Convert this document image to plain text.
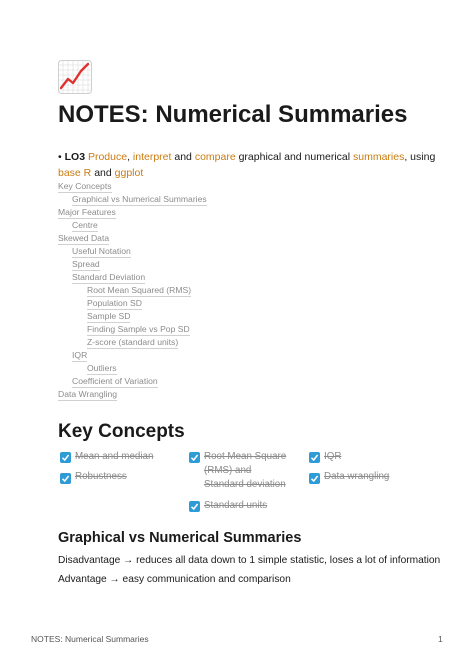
NOTES: Numerical Summaries
• LO3 Produce, interpret and compare graphical and numerical summaries, using base R and ggplot
Key Concepts
Graphical vs Numerical Summaries
Major Features
Centre
Skewed Data
Useful Notation
Spread
Standard Deviation
Root Mean Squared (RMS)
Population SD
Sample SD
Finding Sample vs Pop SD
Z-score (standard units)
IQR
Outliers
Coefficient of Variation
Data Wrangling
Key Concepts
Mean and median
Robustness
Root Mean Square
(RMS) and
Standard deviation
Standard units
IQR
Data wrangling
Graphical vs Numerical Summaries
Disadvantage → reduces all data down to 1 simple statistic, loses a lot of information
Advantage → easy communication and comparison
NOTES: Numerical Summaries	1
